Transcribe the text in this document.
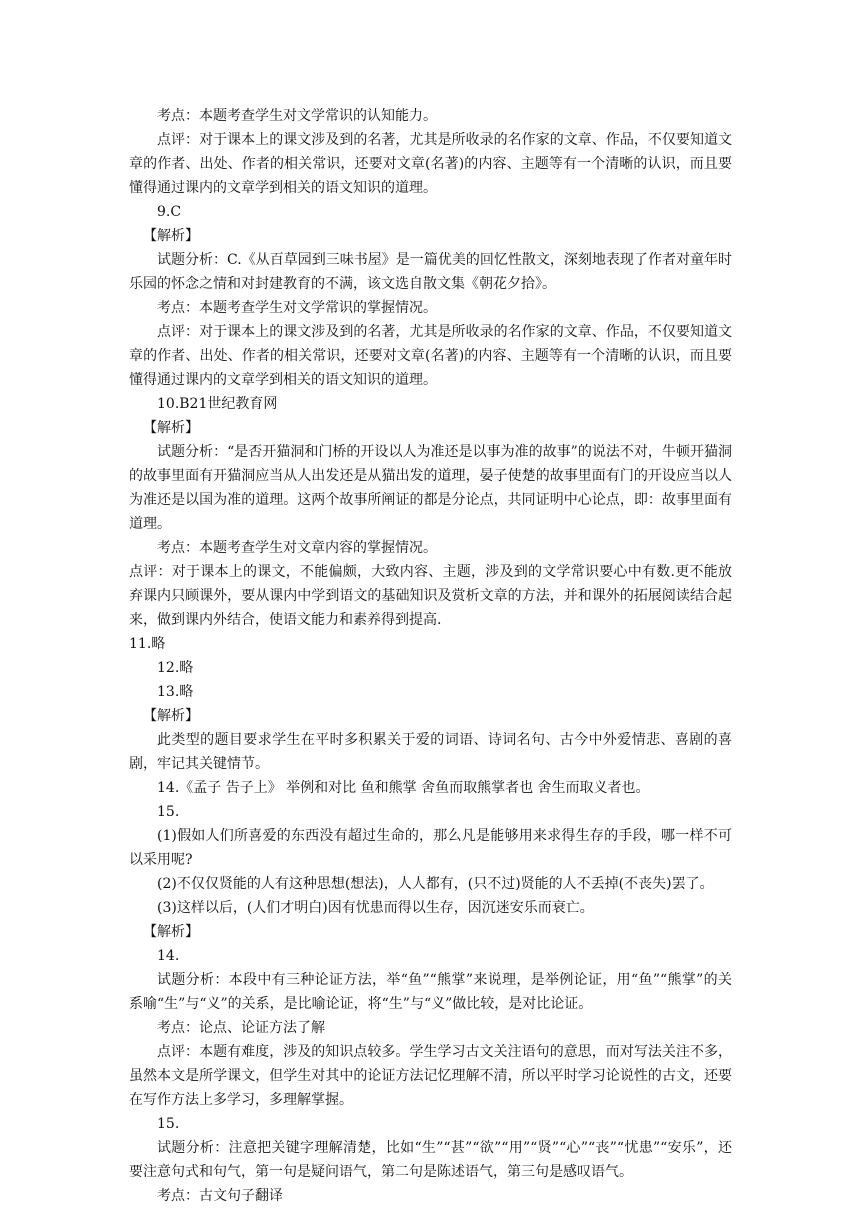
考点：本题考查学生对文学常识的认知能力。

点评：对于课本上的课文涉及到的名著，尤其是所收录的名作家的文章、作品，不仅要知道文章的作者、出处、作者的相关常识，还要对文章(名著)的内容、主题等有一个清晰的认识，而且要懂得通过课内的文章学到相关的语文知识的道理。

9.C

【解析】

试题分析：C.《从百草园到三味书屋》是一篇优美的回忆性散文，深刻地表现了作者对童年时乐园的怀念之情和对封建教育的不满，该文选自散文集《朝花夕拾》。

考点：本题考查学生对文学常识的掌握情况。

点评：对于课本上的课文涉及到的名著，尤其是所收录的名作家的文章、作品，不仅要知道文章的作者、出处、作者的相关常识，还要对文章(名著)的内容、主题等有一个清晰的认识，而且要懂得通过课内的文章学到相关的语文知识的道理。

10.B21世纪教育网

【解析】

试题分析：“是否开猫洞和门桥的开设以人为准还是以事为准的故事”的说法不对，牛顿开猫洞的故事里面有开猫洞应当从人出发还是从猫出发的道理，晏子使楚的故事里面有门的开设应当以人为准还是以国为准的道理。这两个故事所阐证的都是分论点，共同证明中心论点，即：故事里面有道理。

考点：本题考查学生对文章内容的掌握情况。

点评：对于课本上的课文，不能偏颇，大致内容、主题，涉及到的文学常识要心中有数.更不能放弃课内只顾课外，要从课内中学到语文的基础知识及赏析文章的方法，并和课外的拓展阅读结合起来，做到课内外结合，使语文能力和素养得到提高.

11.略

12.略

13.略

【解析】

此类型的题目要求学生在平时多积累关于爱的词语、诗词名句、古今中外爱情悲、喜剧的喜剧，牢记其关键情节。

14.《孟子 告子上》 举例和对比 鱼和熊掌 舍鱼而取熊掌者也 舍生而取义者也。

15.

(1)假如人们所喜爱的东西没有超过生命的，那么凡是能够用来求得生存的手段，哪一样不可以采用呢?

(2)不仅仅贤能的人有这种思想(想法)，人人都有，(只不过)贤能的人不丢掉(不丧失)罢了。

(3)这样以后，(人们才明白)因有忧患而得以生存，因沉迷安乐而衰亡。

【解析】

14.

试题分析：本段中有三种论证方法，举“鱼”“熊掌”来说理，是举例论证，用“鱼”“熊掌”的关系喻“生”与“义”的关系，是比喻论证，将“生”与“义”做比较，是对比论证。

考点：论点、论证方法了解

点评：本题有难度，涉及的知识点较多。学生学习古文关注语句的意思，而对写法关注不多，虽然本文是所学课文，但学生对其中的论证方法记忆理解不清，所以平时学习论说性的古文，还要在写作方法上多学习，多理解掌握。

15.

试题分析：注意把关键字理解清楚，比如“生”“甚”“欲”“用”“贤”“心”“丧”“忧患”“安乐”，还要注意句式和句气，第一句是疑问语气，第二句是陈述语气，第三句是感叹语气。

考点：古文句子翻译
